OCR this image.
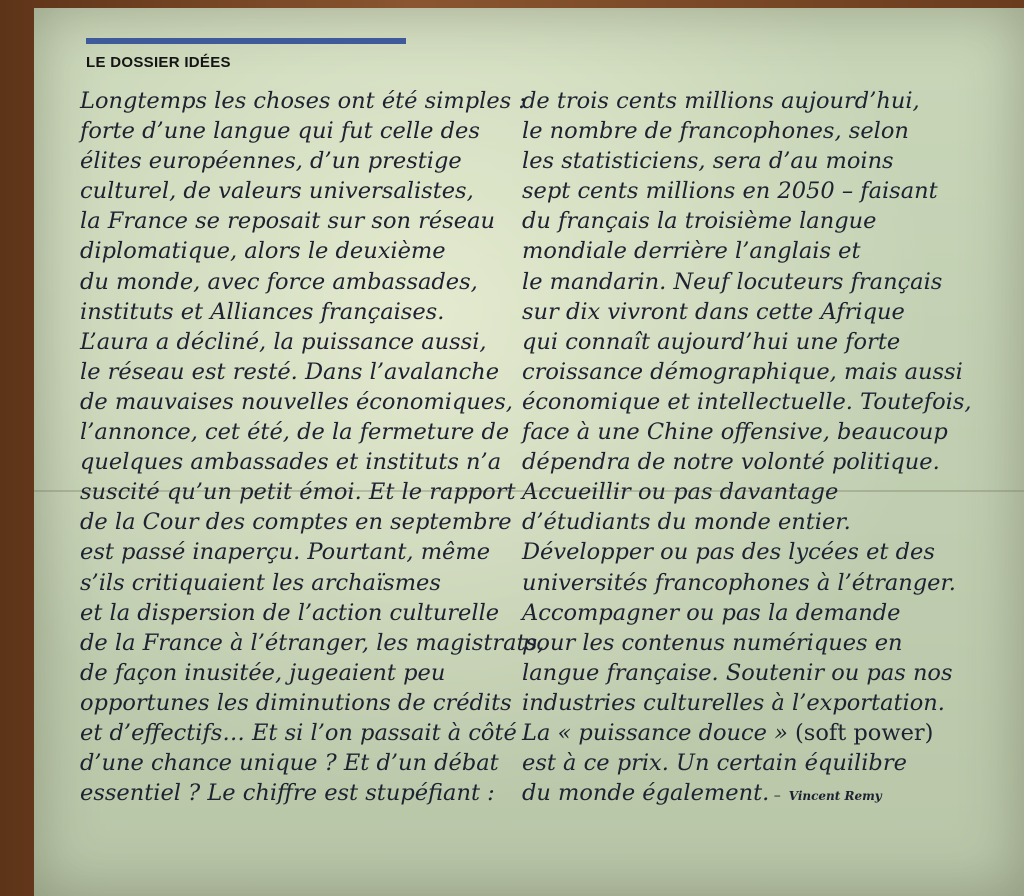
LE DOSSIER IDÉES
Longtemps les choses ont été simples :
forte d’une langue qui fut celle des
élites européennes, d’un prestige
culturel, de valeurs universalistes,
la France se reposait sur son réseau
diplomatique, alors le deuxième
du monde, avec force ambassades,
instituts et Alliances françaises.
L’aura a décliné, la puissance aussi,
le réseau est resté. Dans l’avalanche
de mauvaises nouvelles économiques,
l’annonce, cet été, de la fermeture de
quelques ambassades et instituts n’a
suscité qu’un petit émoi. Et le rapport
de la Cour des comptes en septembre
est passé inaperçu. Pourtant, même
s’ils critiquaient les archaïsmes
et la dispersion de l’action culturelle
de la France à l’étranger, les magistrats,
de façon inusitée, jugeaient peu
opportunes les diminutions de crédits
et d’effectifs… Et si l’on passait à côté
d’une chance unique ? Et d’un débat
essentiel ? Le chiffre est stupéfiant :
de trois cents millions aujourd’hui,
le nombre de francophones, selon
les statisticiens, sera d’au moins
sept cents millions en 2050 – faisant
du français la troisième langue
mondiale derrière l’anglais et
le mandarin. Neuf locuteurs français
sur dix vivront dans cette Afrique
qui connaît aujourd’hui une forte
croissance démographique, mais aussi
économique et intellectuelle. Toutefois,
face à une Chine offensive, beaucoup
dépendra de notre volonté politique.
Accueillir ou pas davantage
d’étudiants du monde entier.
Développer ou pas des lycées et des
universités francophones à l’étranger.
Accompagner ou pas la demande
pour les contenus numériques en
langue française. Soutenir ou pas nos
industries culturelles à l’exportation.
La « puissance douce » (soft power)
est à ce prix. Un certain équilibre
du monde également. – Vincent Remy
